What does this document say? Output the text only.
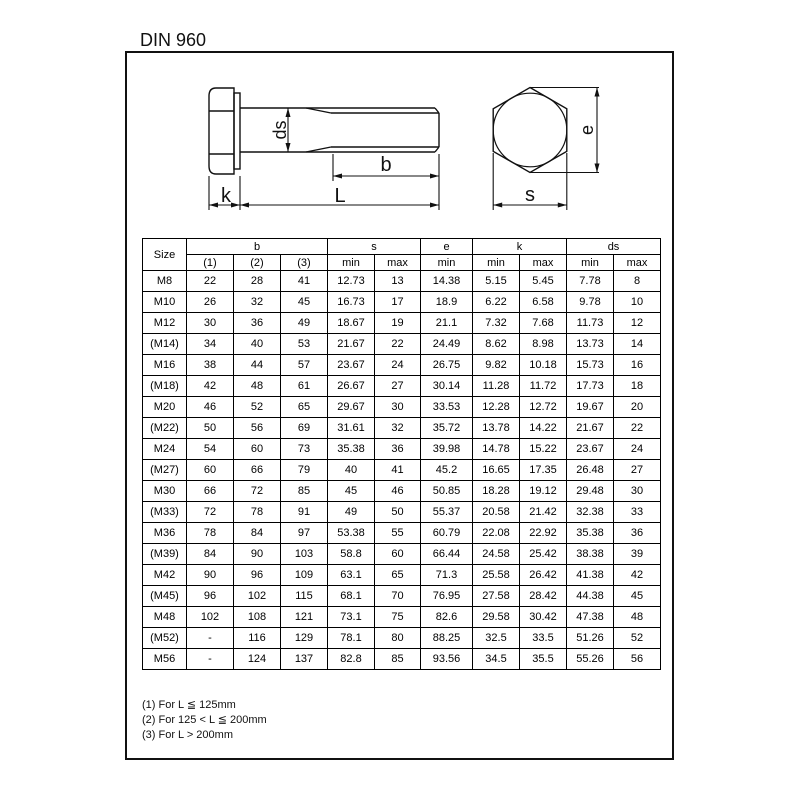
DIN 960
ds
b
k	L
e
s
Size	b			s		e	k		ds	
	(1)	(2)	(3)	min	max	min	min	max	min	max
M8	22	28	41	12.73	13	14.38	5.15	5.45	7.78	8
M10	26	32	45	16.73	17	18.9	6.22	6.58	9.78	10
M12	30	36	49	18.67	19	21.1	7.32	7.68	11.73	12
(M14)	34	40	53	21.67	22	24.49	8.62	8.98	13.73	14
M16	38	44	57	23.67	24	26.75	9.82	10.18	15.73	16
(M18)	42	48	61	26.67	27	30.14	11.28	11.72	17.73	18
M20	46	52	65	29.67	30	33.53	12.28	12.72	19.67	20
(M22)	50	56	69	31.61	32	35.72	13.78	14.22	21.67	22
M24	54	60	73	35.38	36	39.98	14.78	15.22	23.67	24
(M27)	60	66	79	40	41	45.2	16.65	17.35	26.48	27
M30	66	72	85	45	46	50.85	18.28	19.12	29.48	30
(M33)	72	78	91	49	50	55.37	20.58	21.42	32.38	33
M36	78	84	97	53.38	55	60.79	22.08	22.92	35.38	36
(M39)	84	90	103	58.8	60	66.44	24.58	25.42	38.38	39
M42	90	96	109	63.1	65	71.3	25.58	26.42	41.38	42
(M45)	96	102	115	68.1	70	76.95	27.58	28.42	44.38	45
M48	102	108	121	73.1	75	82.6	29.58	30.42	47.38	48
(M52)	-	116	129	78.1	80	88.25	32.5	33.5	51.26	52
M56	-	124	137	82.8	85	93.56	34.5	35.5	55.26	56
(1) For L ≦ 125mm
(2) For 125 < L ≦ 200mm
(3) For L > 200mm
